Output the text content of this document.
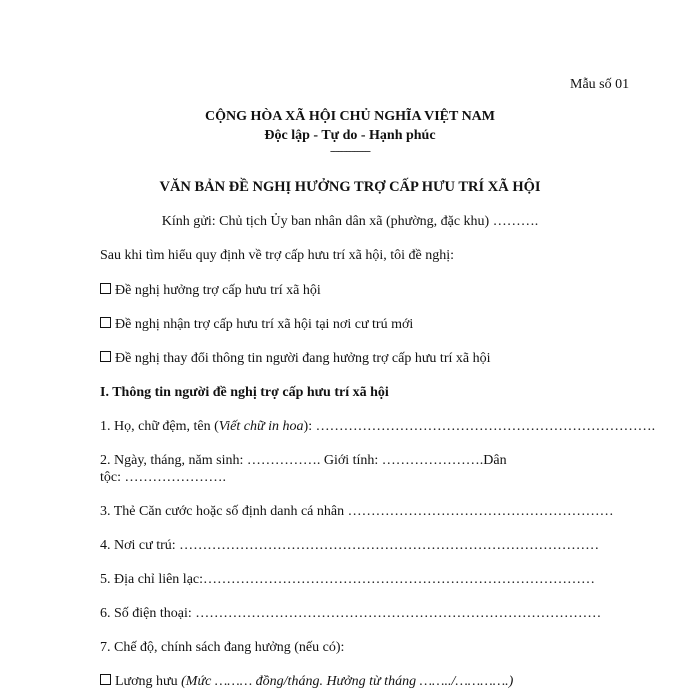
Mẫu số 01
CỘNG HÒA XÃ HỘI CHỦ NGHĨA VIỆT NAM
Độc lập - Tự do - Hạnh phúc
---------------
VĂN BẢN ĐỀ NGHỊ HƯỞNG TRỢ CẤP HƯU TRÍ XÃ HỘI
Kính gửi: Chủ tịch Ủy ban nhân dân xã (phường, đặc khu) ……….
Sau khi tìm hiểu quy định về trợ cấp hưu trí xã hội, tôi đề nghị:
Đề nghị hưởng trợ cấp hưu trí xã hội
Đề nghị nhận trợ cấp hưu trí xã hội tại nơi cư trú mới
Đề nghị thay đổi thông tin người đang hưởng trợ cấp hưu trí xã hội
I. Thông tin người đề nghị trợ cấp hưu trí xã hội
1. Họ, chữ đệm, tên (Viết chữ in hoa): ……………………………………………………………….
2. Ngày, tháng, năm sinh: ……………. Giới tính: ………………….Dân
tộc: ………………….
3. Thẻ Căn cước hoặc số định danh cá nhân …………………………………………………
4. Nơi cư trú: ………………………………………………………………………………
5. Địa chỉ liên lạc:…………………………………………………………………………
6. Số điện thoại: ……………………………………………………………………………
7. Chế độ, chính sách đang hưởng (nếu có):
Lương hưu (Mức ……… đồng/tháng. Hưởng từ tháng ……../………….)
